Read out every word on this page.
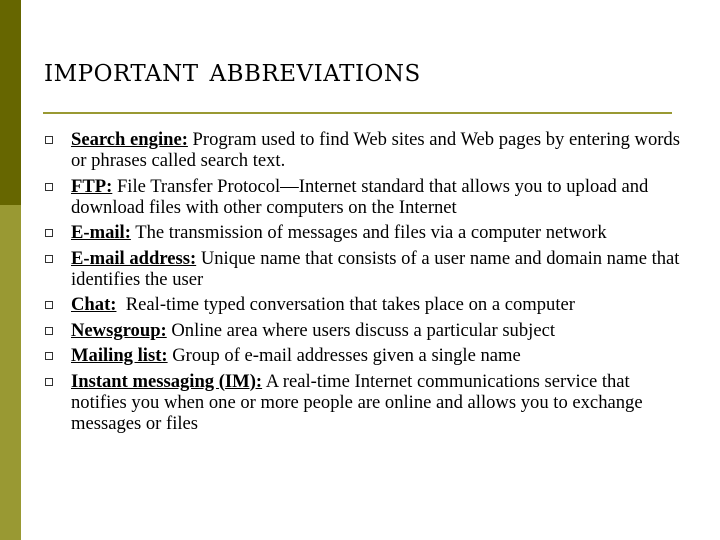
important abbreviations
Search engine: Program used to find Web sites and Web pages by entering words or phrases called search text.
FTP: File Transfer Protocol—Internet standard that allows you to upload and download files with other computers on the Internet
E-mail: The transmission of messages and files via a computer network
E-mail address: Unique name that consists of a user name and domain name that identifies the user
Chat:  Real-time typed conversation that takes place on a computer
Newsgroup: Online area where users discuss a particular subject
Mailing list: Group of e-mail addresses given a single name
Instant messaging (IM): A real-time Internet communications service that notifies you when one or more people are online and allows you to exchange messages or files
